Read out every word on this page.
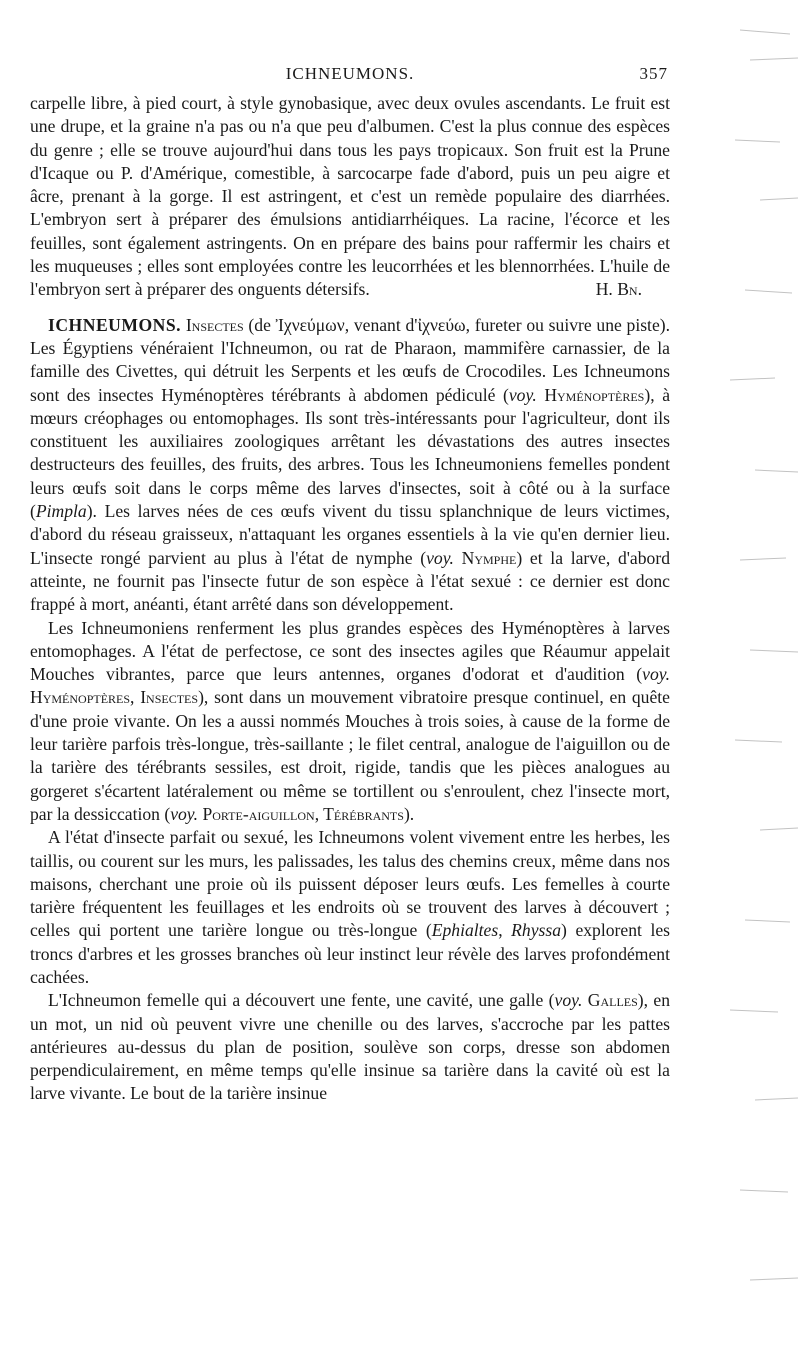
ICHNEUMONS.	357

carpelle libre, à pied court, à style gynobasique, avec deux ovules ascendants. Le fruit est une drupe, et la graine n'a pas ou n'a que peu d'albumen. C'est la plus connue des espèces du genre ; elle se trouve aujourd'hui dans tous les pays tropicaux. Son fruit est la Prune d'Icaque ou P. d'Amérique, comestible, à sarcocarpe fade d'abord, puis un peu aigre et âcre, prenant à la gorge. Il est astringent, et c'est un remède populaire des diarrhées. L'embryon sert à préparer des émulsions antidiarrhéiques. La racine, l'écorce et les feuilles, sont également astringents. On en prépare des bains pour raffermir les chairs et les muqueuses ; elles sont employées contre les leucorrhées et les blennorrhées. L'huile de l'embryon sert à préparer des onguents détersifs.	H. Bn.

ICHNEUMONS. Insectes (de Ἰχνεύμων, venant d'ἰχνεύω, fureter ou suivre une piste). Les Égyptiens vénéraient l'Ichneumon, ou rat de Pharaon, mammifère carnassier, de la famille des Civettes, qui détruit les Serpents et les œufs de Crocodiles. Les Ichneumons sont des insectes Hyménoptères térébrants à abdomen pédiculé (voy. Hyménoptères), à mœurs créophages ou entomophages. Ils sont très-intéressants pour l'agriculteur, dont ils constituent les auxiliaires zoologiques arrêtant les dévastations des autres insectes destructeurs des feuilles, des fruits, des arbres. Tous les Ichneumoniens femelles pondent leurs œufs soit dans le corps même des larves d'insectes, soit à côté ou à la surface (Pimpla). Les larves nées de ces œufs vivent du tissu splanchnique de leurs victimes, d'abord du réseau graisseux, n'attaquant les organes essentiels à la vie qu'en dernier lieu. L'insecte rongé parvient au plus à l'état de nymphe (voy. Nymphe) et la larve, d'abord atteinte, ne fournit pas l'insecte futur de son espèce à l'état sexué : ce dernier est donc frappé à mort, anéanti, étant arrêté dans son développement.

Les Ichneumoniens renferment les plus grandes espèces des Hyménoptères à larves entomophages. A l'état de perfectose, ce sont des insectes agiles que Réaumur appelait Mouches vibrantes, parce que leurs antennes, organes d'odorat et d'audition (voy. Hyménoptères, Insectes), sont dans un mouvement vibratoire presque continuel, en quête d'une proie vivante. On les a aussi nommés Mouches à trois soies, à cause de la forme de leur tarière parfois très-longue, très-saillante ; le filet central, analogue de l'aiguillon ou de la tarière des térébrants sessiles, est droit, rigide, tandis que les pièces analogues au gorgeret s'écartent latéralement ou même se tortillent ou s'enroulent, chez l'insecte mort, par la dessiccation (voy. Porte-aiguillon, Térébrants).

A l'état d'insecte parfait ou sexué, les Ichneumons volent vivement entre les herbes, les taillis, ou courent sur les murs, les palissades, les talus des chemins creux, même dans nos maisons, cherchant une proie où ils puissent déposer leurs œufs. Les femelles à courte tarière fréquentent les feuillages et les endroits où se trouvent des larves à découvert ; celles qui portent une tarière longue ou très-longue (Ephialtes, Rhyssa) explorent les troncs d'arbres et les grosses branches où leur instinct leur révèle des larves profondément cachées.

L'Ichneumon femelle qui a découvert une fente, une cavité, une galle (voy. Galles), en un mot, un nid où peuvent vivre une chenille ou des larves, s'accroche par les pattes antérieures au-dessus du plan de position, soulève son corps, dresse son abdomen perpendiculairement, en même temps qu'elle insinue sa tarière dans la cavité où est la larve vivante. Le bout de la tarière insinue
